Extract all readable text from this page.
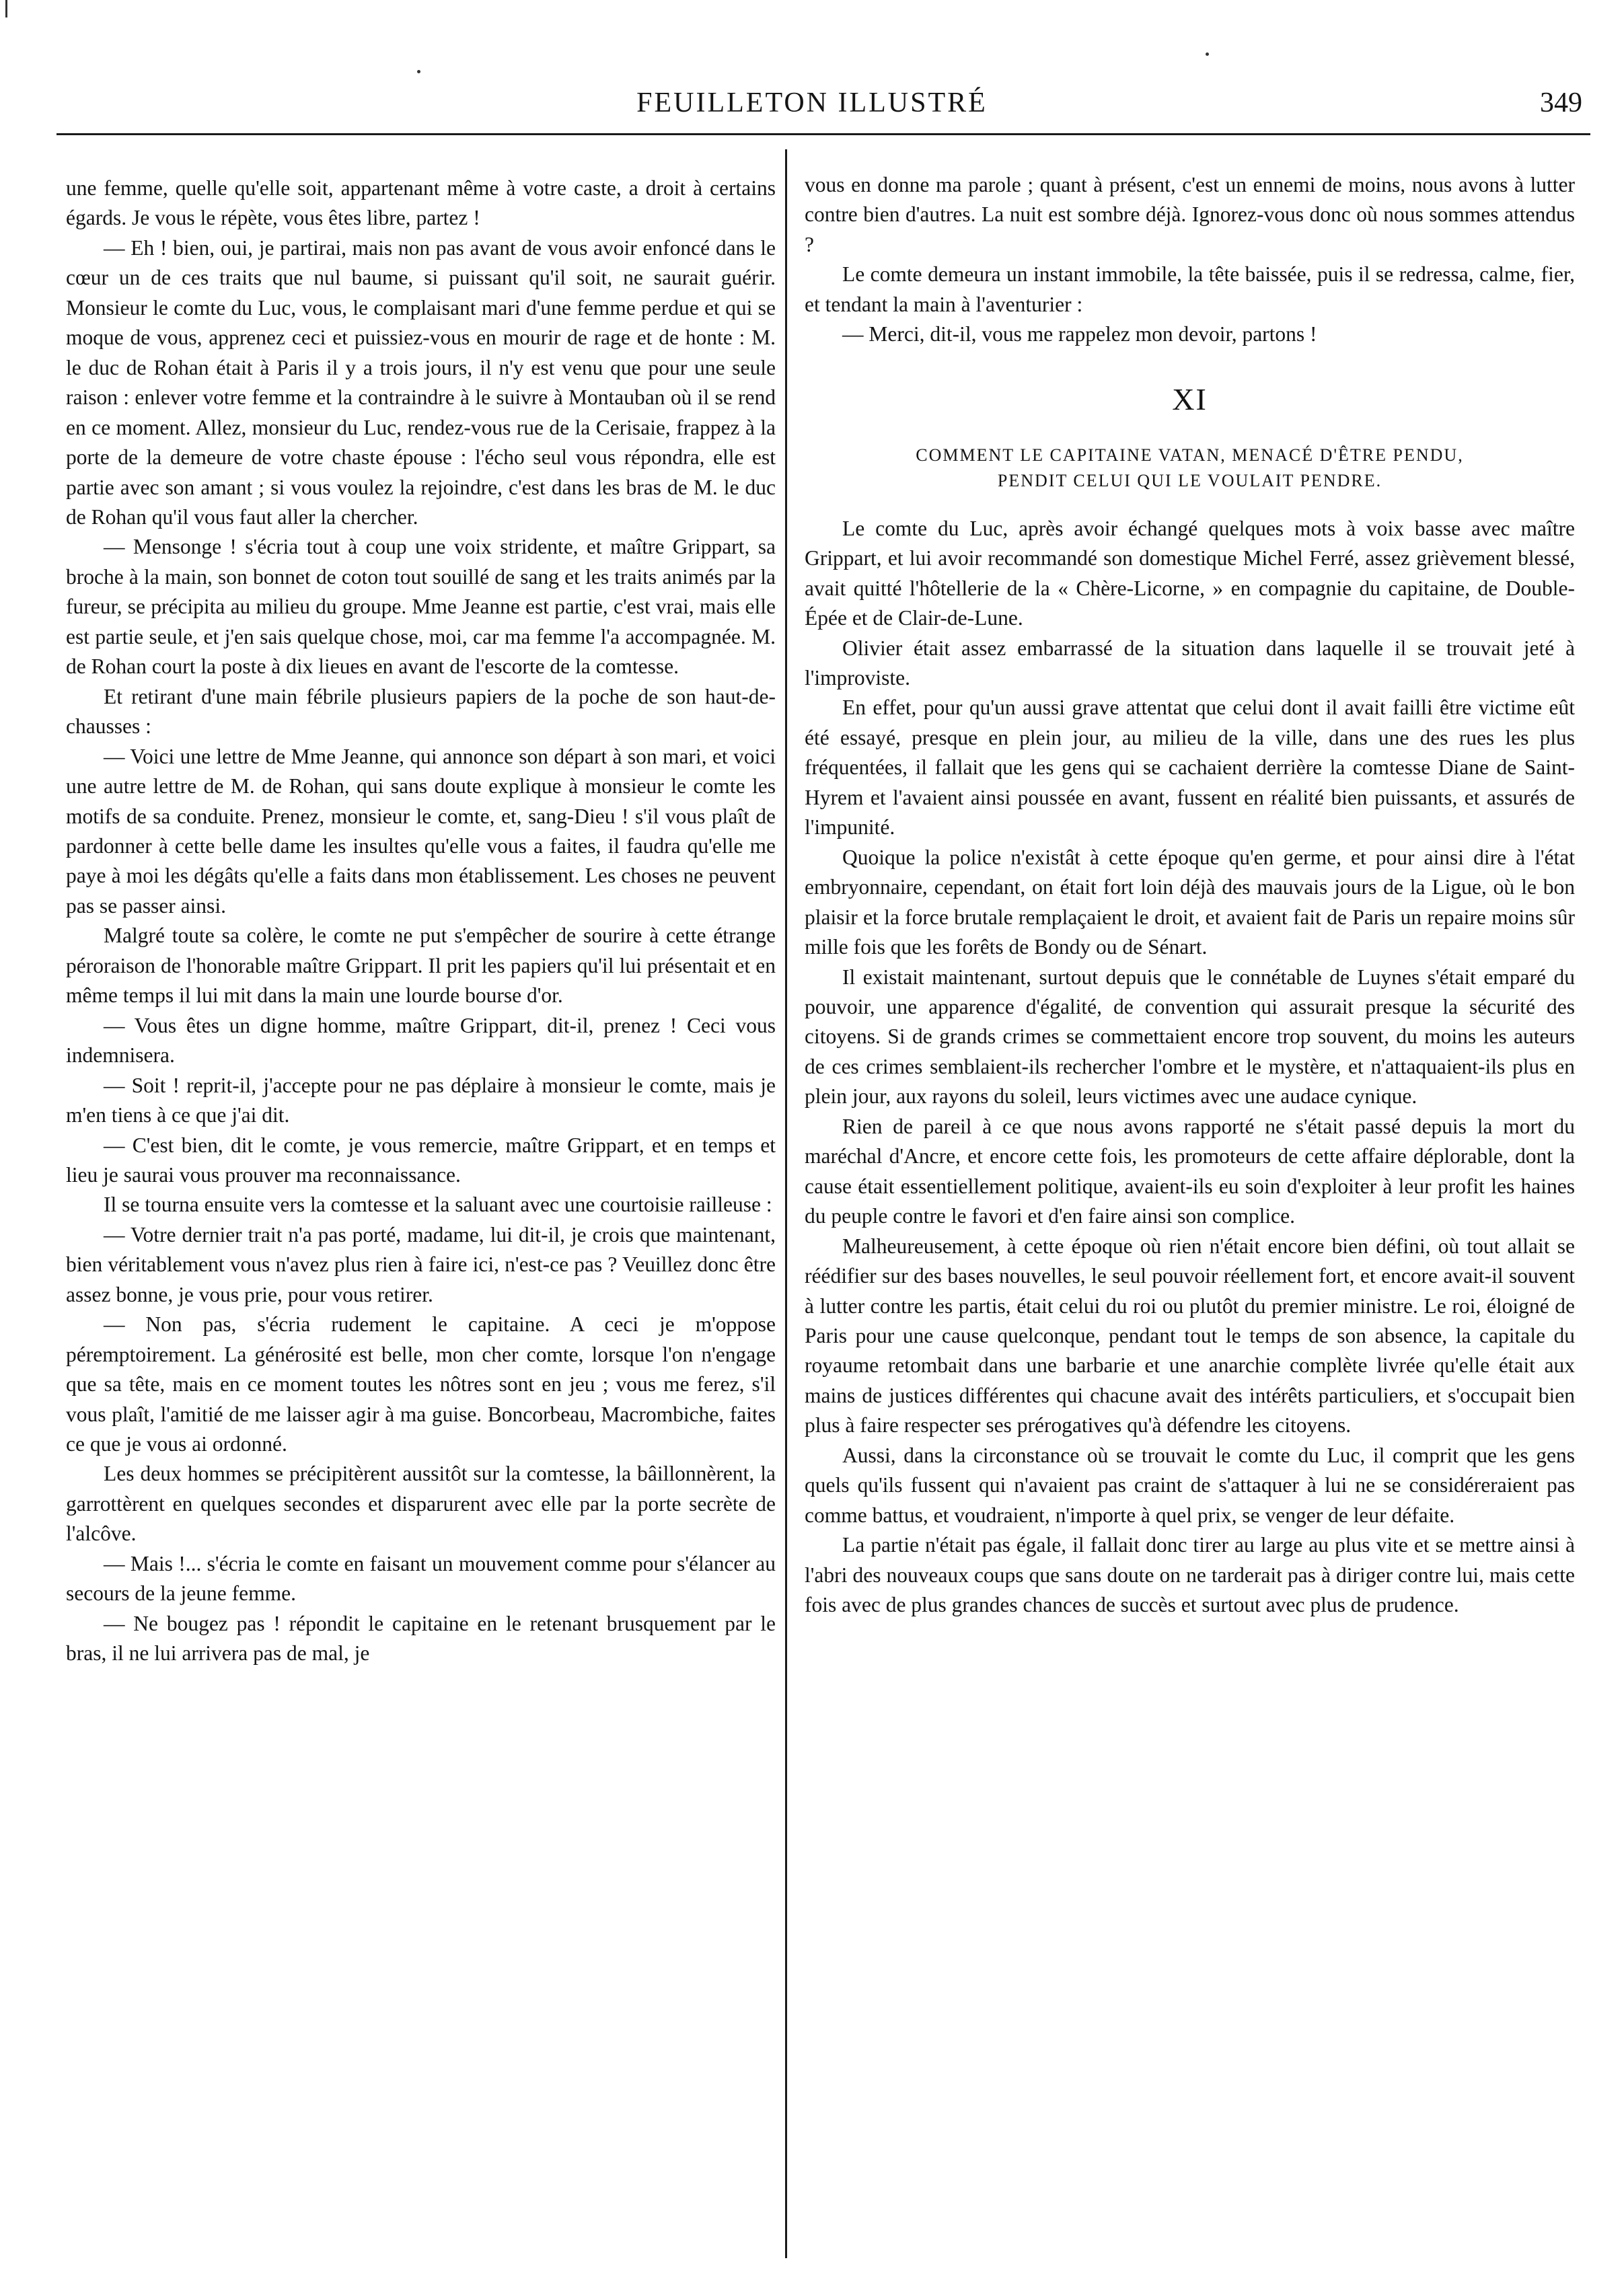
FEUILLETON ILLUSTRÉ	349

une femme, quelle qu'elle soit, appartenant même à votre caste, a droit à certains égards. Je vous le répète, vous êtes libre, partez !

— Eh ! bien, oui, je partirai, mais non pas avant de vous avoir enfoncé dans le cœur un de ces traits que nul baume, si puissant qu'il soit, ne saurait guérir. Monsieur le comte du Luc, vous, le complaisant mari d'une femme perdue et qui se moque de vous, apprenez ceci et puissiez-vous en mourir de rage et de honte : M. le duc de Rohan était à Paris il y a trois jours, il n'y est venu que pour une seule raison : enlever votre femme et la contraindre à le suivre à Montauban où il se rend en ce moment. Allez, monsieur du Luc, rendez-vous rue de la Cerisaie, frappez à la porte de la demeure de votre chaste épouse : l'écho seul vous répondra, elle est partie avec son amant ; si vous voulez la rejoindre, c'est dans les bras de M. le duc de Rohan qu'il vous faut aller la chercher.

— Mensonge ! s'écria tout à coup une voix stridente, et maître Grippart, sa broche à la main, son bonnet de coton tout souillé de sang et les traits animés par la fureur, se précipita au milieu du groupe. Mme Jeanne est partie, c'est vrai, mais elle est partie seule, et j'en sais quelque chose, moi, car ma femme l'a accompagnée. M. de Rohan court la poste à dix lieues en avant de l'escorte de la comtesse.

Et retirant d'une main fébrile plusieurs papiers de la poche de son haut-de-chausses :

— Voici une lettre de Mme Jeanne, qui annonce son départ à son mari, et voici une autre lettre de M. de Rohan, qui sans doute explique à monsieur le comte les motifs de sa conduite. Prenez, monsieur le comte, et, sang-Dieu ! s'il vous plaît de pardonner à cette belle dame les insultes qu'elle vous a faites, il faudra qu'elle me paye à moi les dégâts qu'elle a faits dans mon établissement. Les choses ne peuvent pas se passer ainsi.

Malgré toute sa colère, le comte ne put s'empêcher de sourire à cette étrange péroraison de l'honorable maître Grippart. Il prit les papiers qu'il lui présentait et en même temps il lui mit dans la main une lourde bourse d'or.

— Vous êtes un digne homme, maître Grippart, dit-il, prenez ! Ceci vous indemnisera.

— Soit ! reprit-il, j'accepte pour ne pas déplaire à monsieur le comte, mais je m'en tiens à ce que j'ai dit.

— C'est bien, dit le comte, je vous remercie, maître Grippart, et en temps et lieu je saurai vous prouver ma reconnaissance.

Il se tourna ensuite vers la comtesse et la saluant avec une courtoisie railleuse :

— Votre dernier trait n'a pas porté, madame, lui dit-il, je crois que maintenant, bien véritablement vous n'avez plus rien à faire ici, n'est-ce pas ? Veuillez donc être assez bonne, je vous prie, pour vous retirer.

— Non pas, s'écria rudement le capitaine. A ceci je m'oppose péremptoirement. La générosité est belle, mon cher comte, lorsque l'on n'engage que sa tête, mais en ce moment toutes les nôtres sont en jeu ; vous me ferez, s'il vous plaît, l'amitié de me laisser agir à ma guise. Boncorbeau, Macrombiche, faites ce que je vous ai ordonné.

Les deux hommes se précipitèrent aussitôt sur la comtesse, la bâillonnèrent, la garrottèrent en quelques secondes et disparurent avec elle par la porte secrète de l'alcôve.

— Mais !... s'écria le comte en faisant un mouvement comme pour s'élancer au secours de la jeune femme.

— Ne bougez pas ! répondit le capitaine en le retenant brusquement par le bras, il ne lui arrivera pas de mal, je

vous en donne ma parole ; quant à présent, c'est un ennemi de moins, nous avons à lutter contre bien d'autres. La nuit est sombre déjà. Ignorez-vous donc où nous sommes attendus ?

Le comte demeura un instant immobile, la tête baissée, puis il se redressa, calme, fier, et tendant la main à l'aventurier :

— Merci, dit-il, vous me rappelez mon devoir, partons !

XI
COMMENT LE CAPITAINE VATAN, MENACÉ D'ÊTRE PENDU,
PENDIT CELUI QUI LE VOULAIT PENDRE.

Le comte du Luc, après avoir échangé quelques mots à voix basse avec maître Grippart, et lui avoir recommandé son domestique Michel Ferré, assez grièvement blessé, avait quitté l'hôtellerie de la « Chère-Licorne, » en compagnie du capitaine, de Double-Épée et de Clair-de-Lune.

Olivier était assez embarrassé de la situation dans laquelle il se trouvait jeté à l'improviste.

En effet, pour qu'un aussi grave attentat que celui dont il avait failli être victime eût été essayé, presque en plein jour, au milieu de la ville, dans une des rues les plus fréquentées, il fallait que les gens qui se cachaient derrière la comtesse Diane de Saint-Hyrem et l'avaient ainsi poussée en avant, fussent en réalité bien puissants, et assurés de l'impunité.

Quoique la police n'existât à cette époque qu'en germe, et pour ainsi dire à l'état embryonnaire, cependant, on était fort loin déjà des mauvais jours de la Ligue, où le bon plaisir et la force brutale remplaçaient le droit, et avaient fait de Paris un repaire moins sûr mille fois que les forêts de Bondy ou de Sénart.

Il existait maintenant, surtout depuis que le connétable de Luynes s'était emparé du pouvoir, une apparence d'égalité, de convention qui assurait presque la sécurité des citoyens. Si de grands crimes se commettaient encore trop souvent, du moins les auteurs de ces crimes semblaient-ils rechercher l'ombre et le mystère, et n'attaquaient-ils plus en plein jour, aux rayons du soleil, leurs victimes avec une audace cynique.

Rien de pareil à ce que nous avons rapporté ne s'était passé depuis la mort du maréchal d'Ancre, et encore cette fois, les promoteurs de cette affaire déplorable, dont la cause était essentiellement politique, avaient-ils eu soin d'exploiter à leur profit les haines du peuple contre le favori et d'en faire ainsi son complice.

Malheureusement, à cette époque où rien n'était encore bien défini, où tout allait se réédifier sur des bases nouvelles, le seul pouvoir réellement fort, et encore avait-il souvent à lutter contre les partis, était celui du roi ou plutôt du premier ministre. Le roi, éloigné de Paris pour une cause quelconque, pendant tout le temps de son absence, la capitale du royaume retombait dans une barbarie et une anarchie complète livrée qu'elle était aux mains de justices différentes qui chacune avait des intérêts particuliers, et s'occupait bien plus à faire respecter ses prérogatives qu'à défendre les citoyens.

Aussi, dans la circonstance où se trouvait le comte du Luc, il comprit que les gens quels qu'ils fussent qui n'avaient pas craint de s'attaquer à lui ne se considéreraient pas comme battus, et voudraient, n'importe à quel prix, se venger de leur défaite.

La partie n'était pas égale, il fallait donc tirer au large au plus vite et se mettre ainsi à l'abri des nouveaux coups que sans doute on ne tarderait pas à diriger contre lui, mais cette fois avec de plus grandes chances de succès et surtout avec plus de prudence.
